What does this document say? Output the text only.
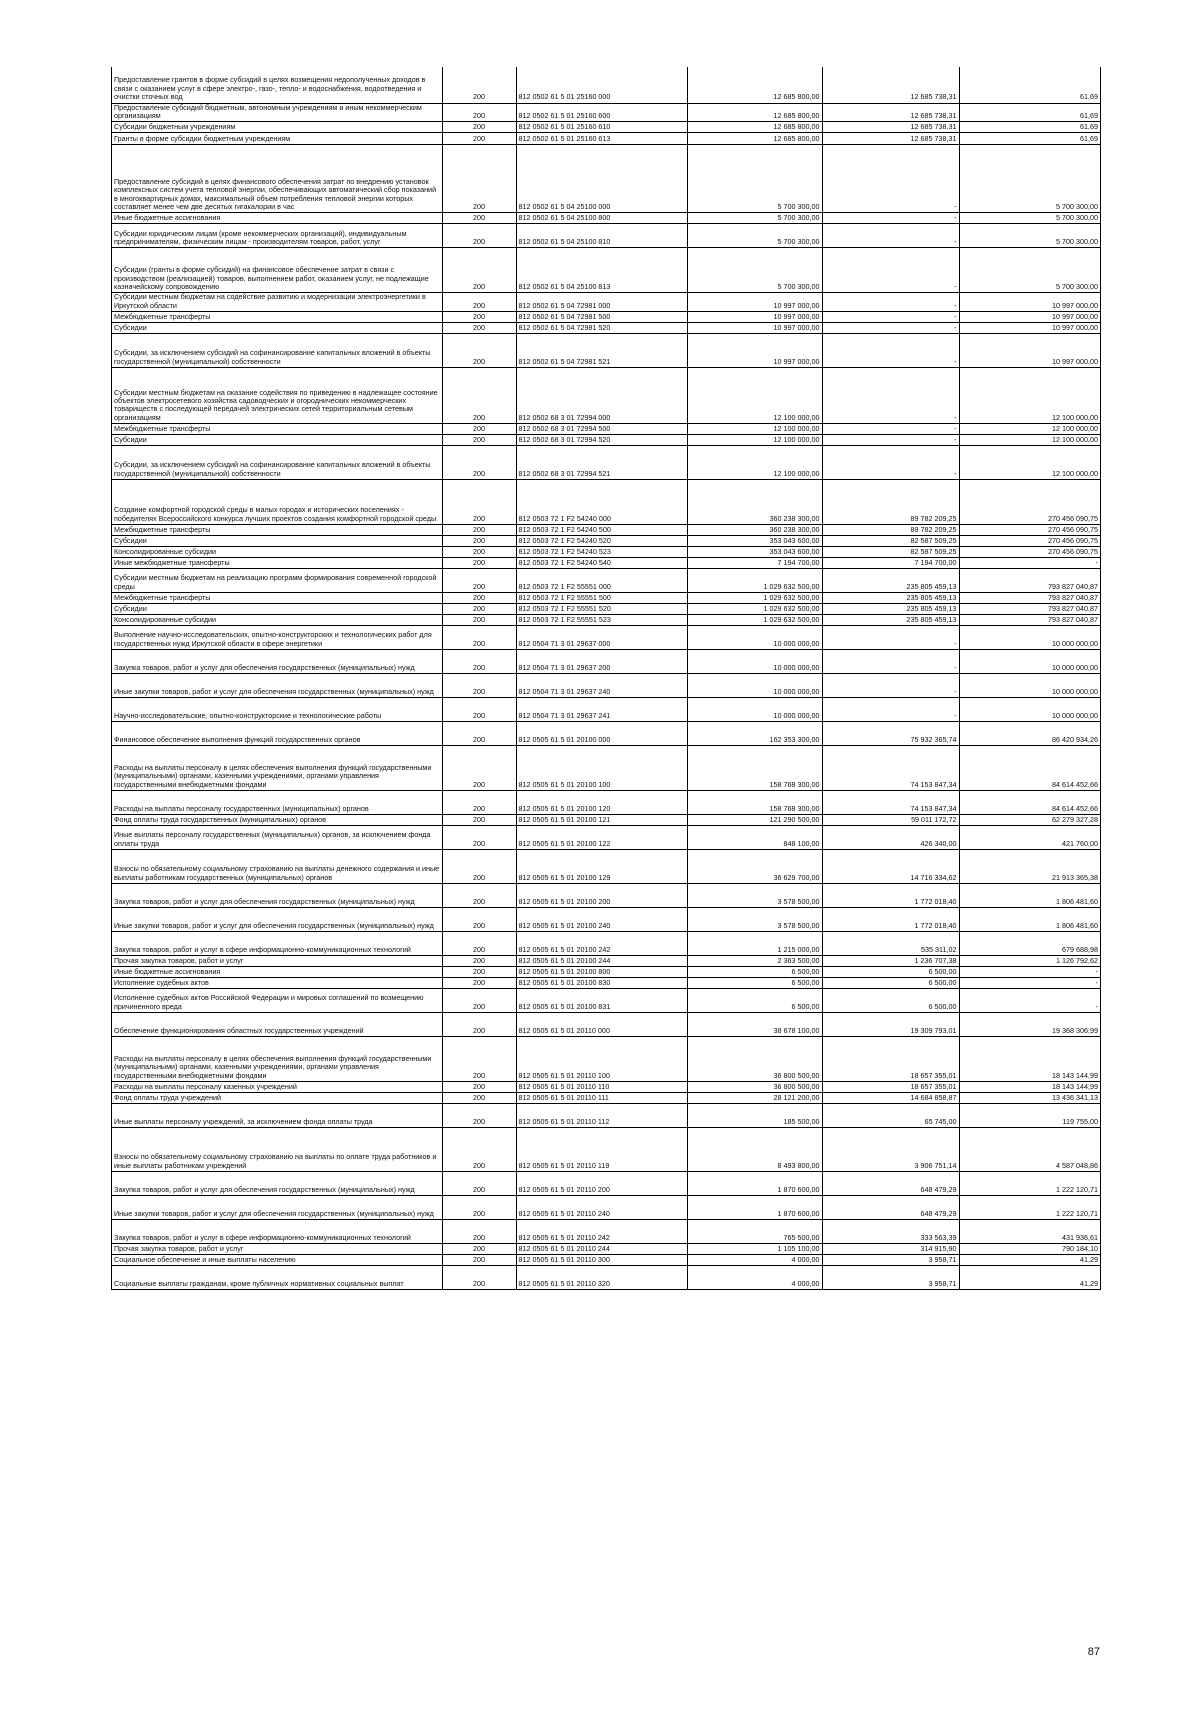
Предоставление грантов в форме субсидий в целях возмещения недополученных доходов в связи с оказанием услуг в сфере электро-, газо-, тепло- и водоснабжения, водоотведения и очистки сточных вод	200	812 0502 61 5 01 25160 000	12 685 800,00	12 685 738,31	61,69
Предоставление субсидий бюджетным, автономным учреждениям и иным некоммерческим организациям	200	812 0502 61 5 01 25160 600	12 685 800,00	12 685 738,31	61,69
Субсидии бюджетным учреждениям	200	812 0502 61 5 01 25160 610	12 685 800,00	12 685 738,31	61,69
Гранты в форме субсидии бюджетным учреждениям	200	812 0502 61 5 01 25160 613	12 685 800,00	12 685 738,31	61,69
Предоставление субсидий в целях финансового обеспечения затрат по внедрению установок комплексных систем учета тепловой энергии, обеспечивающих автоматический сбор показаний в многоквартирных домах, максимальный объем потребления тепловой энергии которых составляет менее чем две десятых гигакалории в час	200	812 0502 61 5 04 25100 000	5 700 300,00	-	5 700 300,00
Иные бюджетные ассигнования	200	812 0502 61 5 04 25100 800	5 700 300,00	-	5 700 300,00
Субсидии юридическим лицам (кроме некоммерческих организаций), индивидуальным предпринимателям, физическим лицам - производителям товаров, работ, услуг	200	812 0502 61 5 04 25100 810	5 700 300,00	-	5 700 300,00
Субсидии (гранты в форме субсидий) на финансовое обеспечение затрат в связи с производством (реализацией) товаров, выполнением работ, оказанием услуг, не подлежащие казначейскому сопровождению	200	812 0502 61 5 04 25100 813	5 700 300,00	-	5 700 300,00
Субсидии местным бюджетам на содействие развитию и модернизации электроэнергетики в Иркутской области	200	812 0502 61 5 04 72981 000	10 997 000,00	-	10 997 000,00
Межбюджетные трансферты	200	812 0502 61 5 04 72981 500	10 997 000,00	-	10 997 000,00
Субсидии	200	812 0502 61 5 04 72981 520	10 997 000,00	-	10 997 000,00
Субсидии, за исключением субсидий на софинансирование капитальных вложений в объекты государственной (муниципальной) собственности	200	812 0502 61 5 04 72981 521	10 997 000,00	-	10 997 000,00
Субсидии местным бюджетам на оказание содействия по приведению в надлежащее состояние объектов электросетевого хозяйства садоводческих и огороднических некоммерческих товариществ с последующей передачей электрических сетей территориальным сетевым организациям	200	812 0502 68 3 01 72994 000	12 100 000,00	-	12 100 000,00
Межбюджетные трансферты	200	812 0502 68 3 01 72994 500	12 100 000,00	-	12 100 000,00
Субсидии	200	812 0502 68 3 01 72994 520	12 100 000,00	-	12 100 000,00
Субсидии, за исключением субсидий на софинансирование капитальных вложений в объекты государственной (муниципальной) собственности	200	812 0502 68 3 01 72994 521	12 100 000,00	-	12 100 000,00
Создание комфортной городской среды в малых городах и исторических поселениях - победителях Всероссийского конкурса лучших проектов создания комфортной городской среды	200	812 0503 72 1 F2 54240 000	360 238 300,00	89 782 209,25	270 456 090,75
Межбюджетные трансферты	200	812 0503 72 1 F2 54240 500	360 238 300,00	89 782 209,25	270 456 090,75
Субсидии	200	812 0503 72 1 F2 54240 520	353 043 600,00	82 587 509,25	270 456 090,75
Консолидированные субсидии	200	812 0503 72 1 F2 54240 523	353 043 600,00	82 587 509,25	270 456 090,75
Иные межбюджетные трансферты	200	812 0503 72 1 F2 54240 540	7 194 700,00	7 194 700,00	-
Субсидии местным бюджетам на реализацию программ формирования современной городской среды	200	812 0503 72 1 F2 55551 000	1 029 632 500,00	235 805 459,13	793 827 040,87
Межбюджетные трансферты	200	812 0503 72 1 F2 55551 500	1 029 632 500,00	235 805 459,13	793 827 040,87
Субсидии	200	812 0503 72 1 F2 55551 520	1 029 632 500,00	235 805 459,13	793 827 040,87
Консолидированные субсидии	200	812 0503 72 1 F2 55551 523	1 029 632 500,00	235 805 459,13	793 827 040,87
Выполнение научно-исследовательских, опытно-конструкторских и технологических работ для государственных нужд Иркутской области в сфере энергетики	200	812 0504 71 3 01 29637 000	10 000 000,00	-	10 000 000,00
Закупка товаров, работ и услуг для обеспечения государственных (муниципальных) нужд	200	812 0504 71 3 01 29637 200	10 000 000,00	-	10 000 000,00
Иные закупки товаров, работ и услуг для обеспечения государственных (муниципальных) нужд	200	812 0504 71 3 01 29637 240	10 000 000,00	-	10 000 000,00
Научно-исследовательские, опытно-конструкторские и технологические работы	200	812 0504 71 3 01 29637 241	10 000 000,00	-	10 000 000,00
Финансовое обеспечение выполнения функций государственных органов	200	812 0505 61 5 01 20100 000	162 353 300,00	75 932 365,74	86 420 934,26
Расходы на выплаты персоналу в целях обеспечения выполнения функций государственными (муниципальными) органами, казенными учреждениями, органами управления государственными внебюджетными фондами	200	812 0505 61 5 01 20100 100	158 768 300,00	74 153 847,34	84 614 452,66
Расходы на выплаты персоналу государственных (муниципальных) органов	200	812 0505 61 5 01 20100 120	158 768 300,00	74 153 847,34	84 614 452,66
Фонд оплаты труда государственных (муниципальных) органов	200	812 0505 61 5 01 20100 121	121 290 500,00	59 011 172,72	62 279 327,28
Иные выплаты персоналу государственных (муниципальных) органов, за исключением фонда оплаты труда	200	812 0505 61 5 01 20100 122	848 100,00	426 340,00	421 760,00
Взносы по обязательному социальному страхованию на выплаты денежного содержания и иные выплаты работникам государственных (муниципальных) органов	200	812 0505 61 5 01 20100 129	36 629 700,00	14 716 334,62	21 913 365,38
Закупка товаров, работ и услуг для обеспечения государственных (муниципальных) нужд	200	812 0505 61 5 01 20100 200	3 578 500,00	1 772 018,40	1 806 481,60
Иные закупки товаров, работ и услуг для обеспечения государственных (муниципальных) нужд	200	812 0505 61 5 01 20100 240	3 578 500,00	1 772 018,40	1 806 481,60
Закупка товаров, работ и услуг в сфере информационно-коммуникационных технологий	200	812 0505 61 5 01 20100 242	1 215 000,00	535 311,02	679 688,98
Прочая закупка товаров, работ и услуг	200	812 0505 61 5 01 20100 244	2 363 500,00	1 236 707,38	1 126 792,62
Иные бюджетные ассигнования	200	812 0505 61 5 01 20100 800	6 500,00	6 500,00	-
Исполнение судебных актов	200	812 0505 61 5 01 20100 830	6 500,00	6 500,00	-
Исполнение судебных актов Российской Федерации и мировых соглашений по возмещению причиненного вреда	200	812 0505 61 5 01 20100 831	6 500,00	6 500,00	-
Обеспечение функционирования областных государственных учреждений	200	812 0505 61 5 01 20110 000	38 678 100,00	19 309 793,01	19 368 306,99
Расходы на выплаты персоналу в целях обеспечения выполнения функций государственными (муниципальными) органами, казенными учреждениями, органами управления государственными внебюджетными фондами	200	812 0505 61 5 01 20110 100	36 800 500,00	18 657 355,01	18 143 144,99
Расходы на выплаты персоналу казенных учреждений	200	812 0505 61 5 01 20110 110	36 800 500,00	18 657 355,01	18 143 144,99
Фонд оплаты труда учреждений	200	812 0505 61 5 01 20110 111	28 121 200,00	14 684 858,87	13 436 341,13
Иные выплаты персоналу учреждений, за исключением фонда оплаты труда	200	812 0505 61 5 01 20110 112	185 500,00	65 745,00	119 755,00
Взносы по обязательному социальному страхованию на выплаты по оплате труда работников и иные выплаты работникам учреждений	200	812 0505 61 5 01 20110 119	8 493 800,00	3 906 751,14	4 587 048,86
Закупка товаров, работ и услуг для обеспечения государственных (муниципальных) нужд	200	812 0505 61 5 01 20110 200	1 870 600,00	648 479,29	1 222 120,71
Иные закупки товаров, работ и услуг для обеспечения государственных (муниципальных) нужд	200	812 0505 61 5 01 20110 240	1 870 600,00	648 479,29	1 222 120,71
Закупка товаров, работ и услуг в сфере информационно-коммуникационных технологий	200	812 0505 61 5 01 20110 242	765 500,00	333 563,39	431 936,61
Прочая закупка товаров, работ и услуг	200	812 0505 61 5 01 20110 244	1 105 100,00	314 915,90	790 184,10
Социальное обеспечение и иные выплаты населению	200	812 0505 61 5 01 20110 300	4 000,00	3 958,71	41,29
Социальные выплаты гражданам, кроме публичных нормативных социальных выплат	200	812 0505 61 5 01 20110 320	4 000,00	3 958,71	41,29
87
